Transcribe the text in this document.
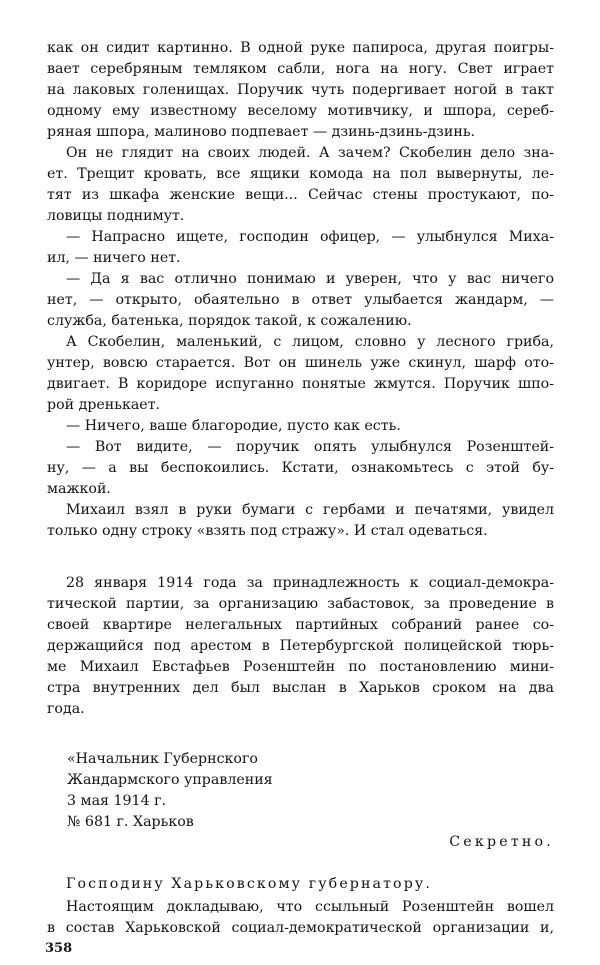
как он сидит картинно. В одной руке папироса, другая поигры-
вает серебряным темляком сабли, нога на ногу. Свет играет
на лаковых голенищах. Поручик чуть подергивает ногой в такт
одному ему известному веселому мотивчику, и шпора, сереб-
ряная шпора, малиново подпевает — дзинь-дзинь-дзинь.
Он не глядит на своих людей. А зачем? Скобелин дело зна-
ет. Трещит кровать, все ящики комода на пол вывернуты, ле-
тят из шкафа женские вещи... Сейчас стены простукают, по-
ловицы поднимут.
— Напрасно ищете, господин офицер, — улыбнулся Миха-
ил, — ничего нет.
— Да я вас отлично понимаю и уверен, что у вас ничего
нет, — открыто, обаятельно в ответ улыбается жандарм, —
служба, батенька, порядок такой, к сожалению.
А Скобелин, маленький, с лицом, словно у лесного гриба,
унтер, вовсю старается. Вот он шинель уже скинул, шарф ото-
двигает. В коридоре испуганно понятые жмутся. Поручик шпо-
рой дренькает.
— Ничего, ваше благородие, пусто как есть.
— Вот видите, — поручик опять улыбнулся Розенштей-
ну, — а вы беспокоились. Кстати, ознакомьтесь с этой бу-
мажкой.
Михаил взял в руки бумаги с гербами и печатями, увидел
только одну строку «взять под стражу». И стал одеваться.
28 января 1914 года за принадлежность к социал-демокра-
тической партии, за организацию забастовок, за проведение в
своей квартире нелегальных партийных собраний ранее со-
держащийся под арестом в Петербургской полицейской тюрь-
ме Михаил Евстафьев Розенштейн по постановлению мини-
стра внутренних дел был выслан в Харьков сроком на два
года.
«Начальник Губернского
Жандармского управления
3 мая 1914 г.
№ 681 г. Харьков
Секретно.
Господину Харьковскому губернатору.
Настоящим докладываю, что ссыльный Розенштейн вошел
в состав Харьковской социал-демократической организации и,
358
